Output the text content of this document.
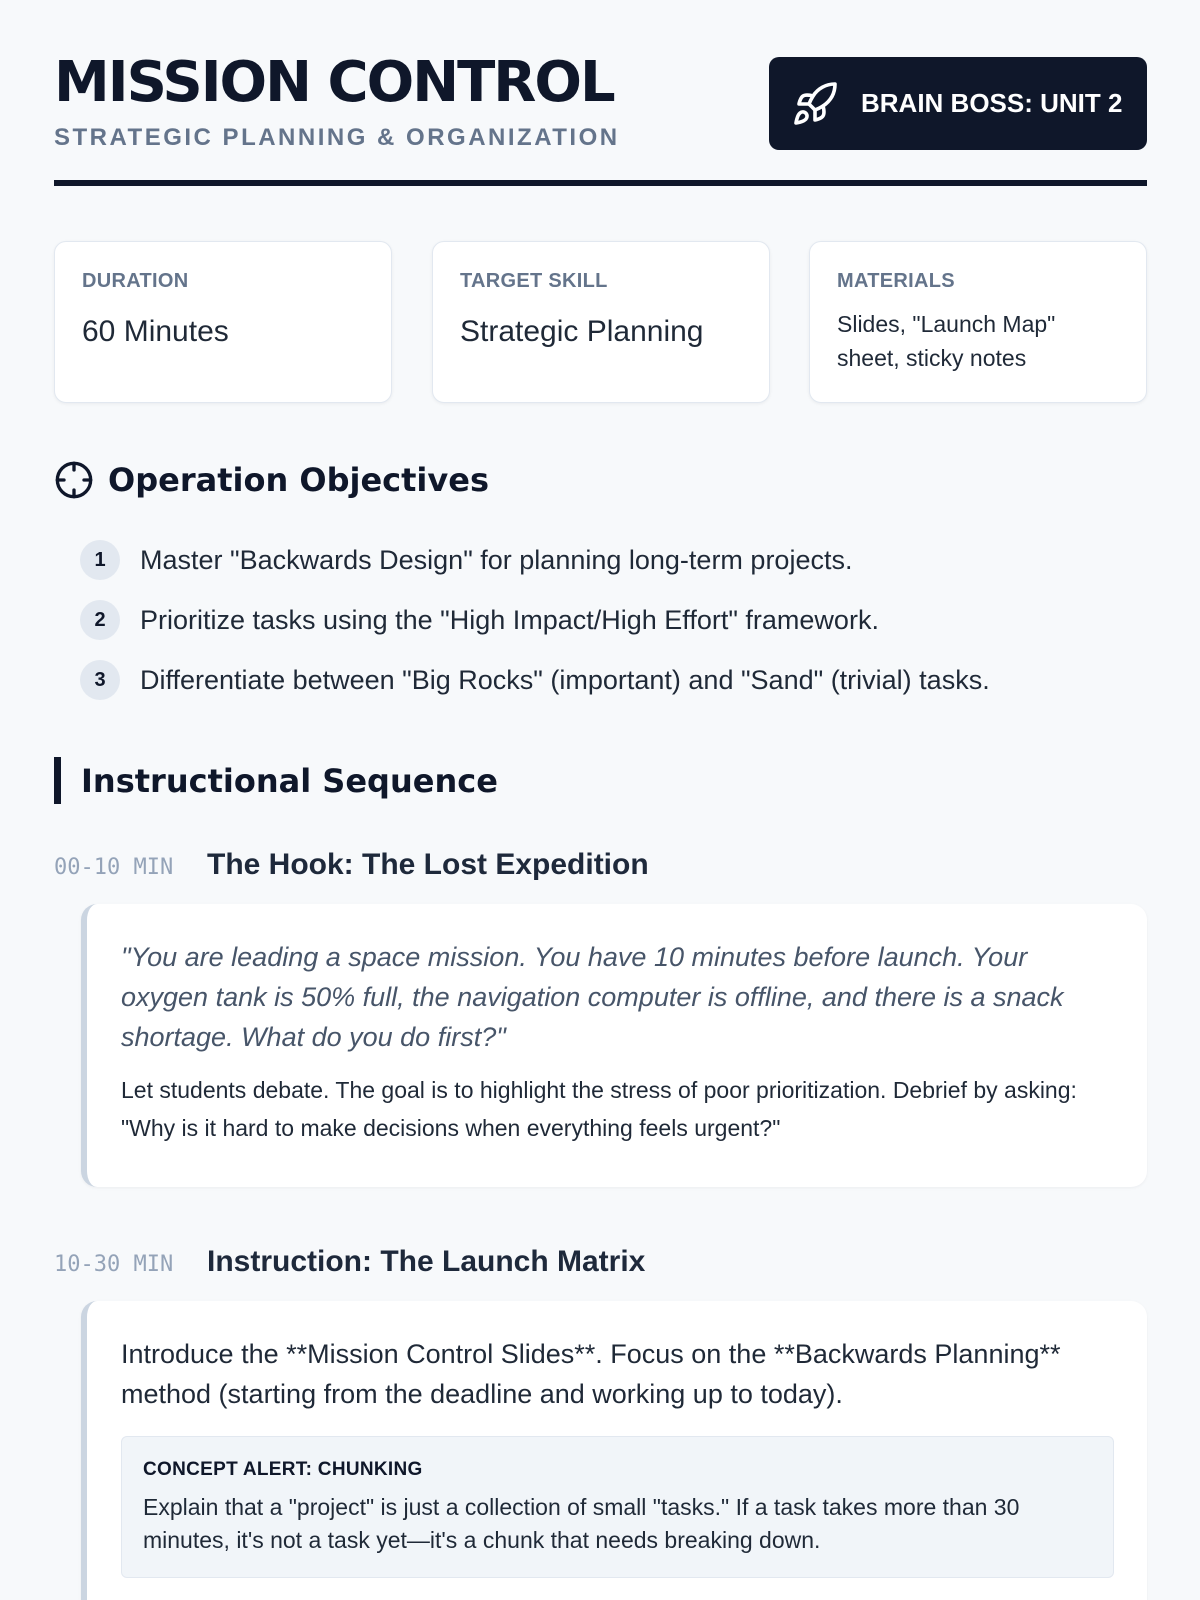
MISSION CONTROL
STRATEGIC PLANNING & ORGANIZATION
BRAIN BOSS: UNIT 2
DURATION
60 Minutes
TARGET SKILL
Strategic Planning
MATERIALS
Slides, "Launch Map" sheet, sticky notes
Operation Objectives
1	Master "Backwards Design" for planning long-term projects.
2	Prioritize tasks using the "High Impact/High Effort" framework.
3	Differentiate between "Big Rocks" (important) and "Sand" (trivial) tasks.
Instructional Sequence
00-10 MIN	The Hook: The Lost Expedition
"You are leading a space mission. You have 10 minutes before launch. Your oxygen tank is 50% full, the navigation computer is offline, and there is a snack shortage. What do you do first?"
Let students debate. The goal is to highlight the stress of poor prioritization. Debrief by asking: "Why is it hard to make decisions when everything feels urgent?"
10-30 MIN	Instruction: The Launch Matrix
Introduce the **Mission Control Slides**. Focus on the **Backwards Planning** method (starting from the deadline and working up to today).
CONCEPT ALERT: CHUNKING
Explain that a "project" is just a collection of small "tasks." If a task takes more than 30 minutes, it's not a task yet—it's a chunk that needs breaking down.
